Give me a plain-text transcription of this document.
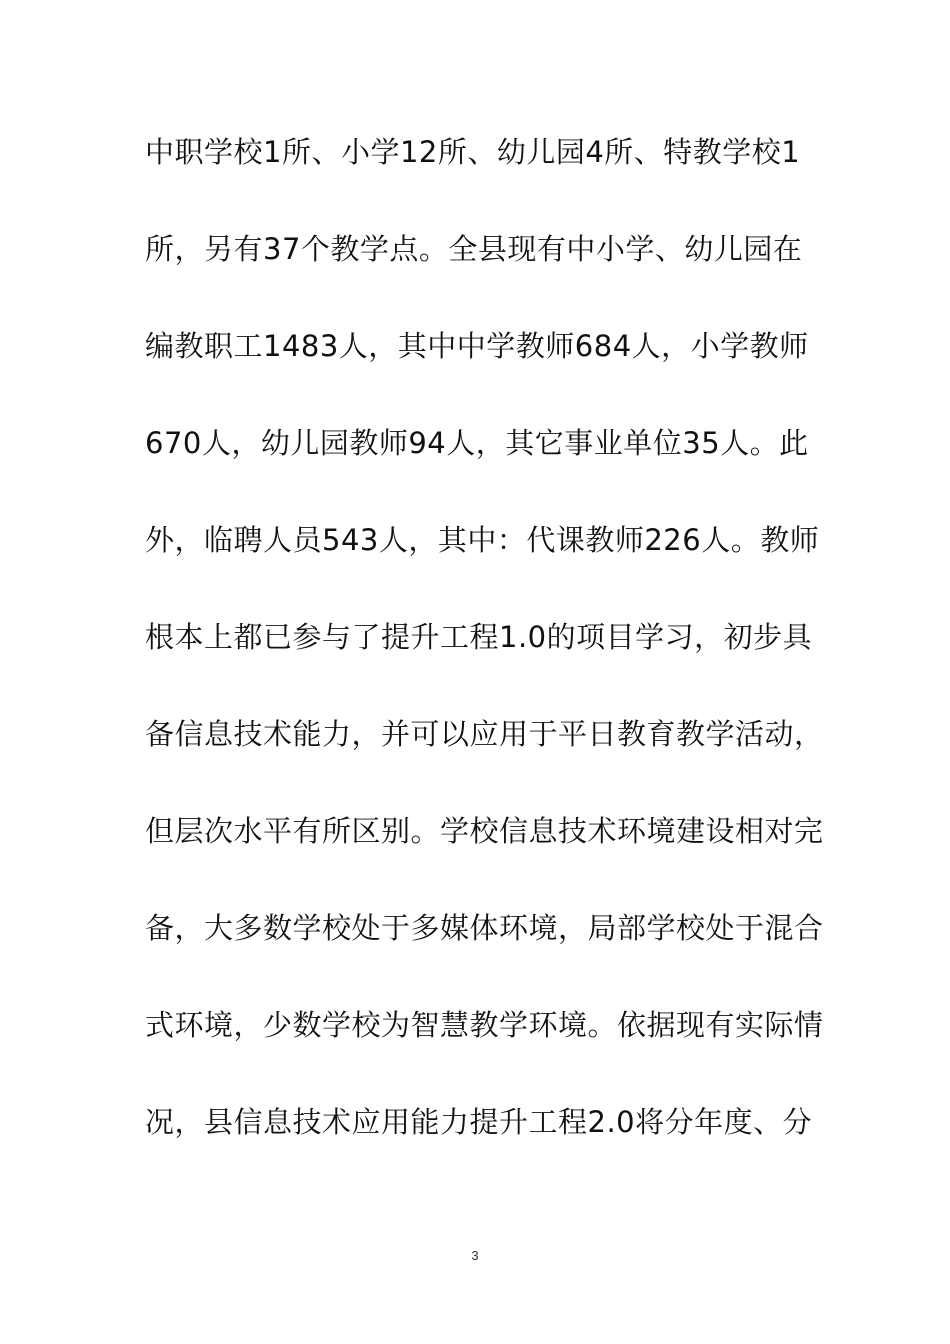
中职学校1所、小学12所、幼儿园4所、特教学校1
所，另有37个教学点。全县现有中小学、幼儿园在
编教职工1483人，其中中学教师684人，小学教师
670人，幼儿园教师94人，其它事业单位35人。此
外，临聘人员543人，其中：代课教师226人。教师
根本上都已参与了提升工程1.0的项目学习，初步具
备信息技术能力，并可以应用于平日教育教学活动，
但层次水平有所区别。学校信息技术环境建设相对完
备，大多数学校处于多媒体环境，局部学校处于混合
式环境，少数学校为智慧教学环境。依据现有实际情
况，县信息技术应用能力提升工程2.0将分年度、分
3
